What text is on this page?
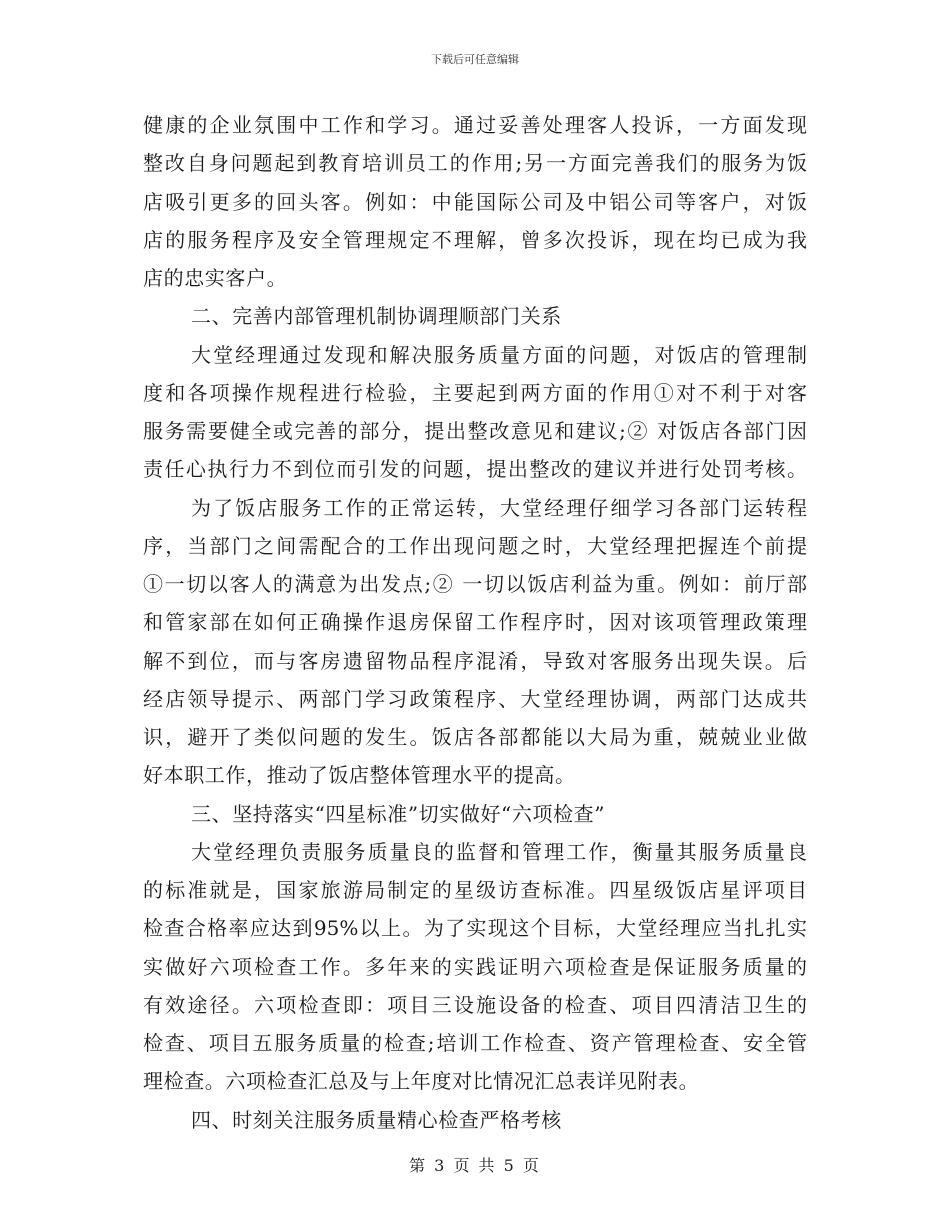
下载后可任意编辑
健康的企业氛围中工作和学习。通过妥善处理客人投诉，一方面发现
整改自身问题起到教育培训员工的作用;另一方面完善我们的服务为饭
店吸引更多的回头客。例如：中能国际公司及中铝公司等客户，对饭
店的服务程序及安全管理规定不理解，曾多次投诉，现在均已成为我
店的忠实客户。
二、完善内部管理机制协调理顺部门关系
大堂经理通过发现和解决服务质量方面的问题，对饭店的管理制
度和各项操作规程进行检验，主要起到两方面的作用①对不利于对客
服务需要健全或完善的部分，提出整改意见和建议;② 对饭店各部门因
责任心执行力不到位而引发的问题，提出整改的建议并进行处罚考核。
为了饭店服务工作的正常运转，大堂经理仔细学习各部门运转程
序，当部门之间需配合的工作出现问题之时，大堂经理把握连个前提
①一切以客人的满意为出发点;② 一切以饭店利益为重。例如：前厅部
和管家部在如何正确操作退房保留工作程序时，因对该项管理政策理
解不到位，而与客房遗留物品程序混淆，导致对客服务出现失误。后
经店领导提示、两部门学习政策程序、大堂经理协调，两部门达成共
识，避开了类似问题的发生。饭店各部都能以大局为重，兢兢业业做
好本职工作，推动了饭店整体管理水平的提高。
三、坚持落实“四星标准”切实做好“六项检查”
大堂经理负责服务质量良的监督和管理工作，衡量其服务质量良
的标准就是，国家旅游局制定的星级访查标准。四星级饭店星评项目
检查合格率应达到95%以上。为了实现这个目标，大堂经理应当扎扎实
实做好六项检查工作。多年来的实践证明六项检查是保证服务质量的
有效途径。六项检查即：项目三设施设备的检查、项目四清洁卫生的
检查、项目五服务质量的检查;培训工作检查、资产管理检查、安全管
理检查。六项检查汇总及与上年度对比情况汇总表详见附表。
四、时刻关注服务质量精心检查严格考核
第 3 页 共 5 页
